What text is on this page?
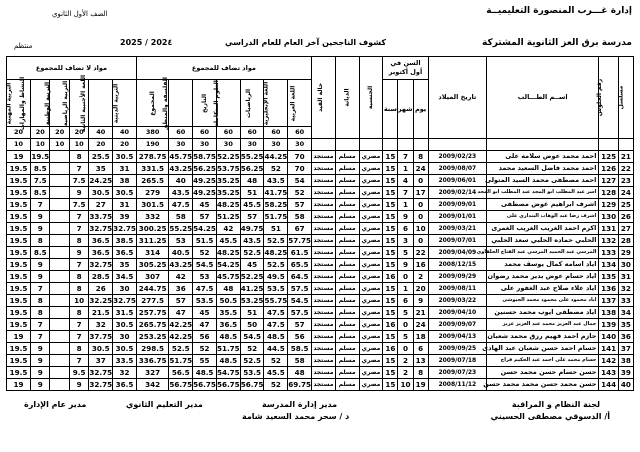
إدارة غـــرب المنصورة التعليميــة
مدرسة برق العز الثانوية المشتركة
الصف الأول الثانوي
منتظم	2025 / 202٤	كشوف الناجحين آخر العام للعام الدراسي
مسلسل	رقم الجلوس	اســم الطـــالب	تاريخ الميلاد	السن في أول أكتوبر			الجنسية	الديانة	حالة القيد	مواد تضاف للمجموع							مواد لا تضاف للمجموع					
				يوم	شهر	سنة				اللغة العربية	اللغة الإنجليزية	الرياضيات	العلوم المتكاملة	التاريخ	الفلسفة والمنطق	المجموع	التربية الدينية	اللغة الأجنبية الثانية	التربية الرياضية	التربية الوطنية	النشاط والمهارات	التربية المهنية
										60	60	60	60	60	60	380	40	40	20	20	20	20
										30	30	30	30	30	30	190	20	20	10	10	10	10
21	125	احمد محمد عوض سلامه على	2009/02/23	8	7	15	مصري	مسلم	مستجد	70	44.25	55.25	52.25	58.75	45.75	278.75	30.5	25.5	8		19.5	19
22	126	احمد محمد فاضل السعيد محمد	2009/08/07	24	1	15	مصري	مسلم	مستجد	70	52	56.25	53.75	56.25	43.25	331.5	31	35	7		8.5	19.5
23	127	احمد مصطفى محمد السيد المتولى	2009/06/01	0	4	15	مصري	مسلم	مستجد	54	43.5	48	35.25	49.25	40	265.5	38	24.25	7.5		7.5	19.5
24	128	اسر عبد المطلب ابو المجد عبد المطلب ابو المجد	2009/02/14	17	7	15	مصري	مسلم	مستجد	52	41.75	51	35.25	49.25	43.5	279	30.5	30.5	9		8.5	19.5
25	129	اشرف ابراهيم عوض مصطفى	2009/09/01	0	1	15	مصري	مسلم	مستجد	57	58.25	45.5	48.25	45	47.5	301.5	31	27	7.5		7	19.5
26	130	اشرف رضا عبد الوهاب البنداري على	2009/01/01	0	9	15	مصري	مسلم	مستجد	58	51.75	57	51.25	57	58	332	39	33.75	7		9	19.5
27	131	اكرم احمد الغريب الغريب الغمرى	2009/03/21	10	6	15	مصري	مسلم	مستجد	67	51	49.75	42	54.25	55.25	300.25	32.75	32.75	7		9	19.5
28	132	الحلبي حماده الحلبي سعد الحلبي	2009/07/01	0	3	15	مصري	مسلم	مستجد	57.75	52.5	43.5	45.5	51.5	53	311.25	38.5	36.5	8		8	19.5
29	133	المرسي عبد الحميد المرسي عبد الفتاح الحلفاوي	2009/04/09	22	5	15	مصري	مسلم	مستجد	61.5	48.25	52.5	48.25	52	40.5	314	36.5	36.5	9		8.5	19.5
30	134	اياد اسامه كمال يوسف محمد	2008/12/15	16	9	15	مصري	مسلم	مستجد	65.5	52.5	45	54.25	54.5	43.25	305.25	35	32.75	7		9	19.5
31	135	اياد حسام عوض بدير محمد رضوان	2009/09/29	2	0	16	مصري	مسلم	مستجد	64.5	49.5	52.25	45.75	53	42	307	34.5	28.5	8		9	19.5
32	136	اياد علاء صلاح عبد الغفور على	2009/08/11	20	1	15	مصري	مسلم	مستجد	57.5	53.5	41.25	48	47.5	36	244.75	30	26	8		7	19.5
33	137	اياد محمود على محمود محمد الجيوشى	2009/03/22	9	6	15	مصري	مسلم	مستجد	54.5	55.75	53.25	50.5	53.5	57	277.5	32.75	32.25	10		8	19.5
34	138	اياد مصطفى ايوب محمد حسنين	2009/04/10	21	5	15	مصري	مسلم	مستجد	57.5	47.5	51	35.5	45	47	257.75	31.5	21.5	8		8	19.5
35	139	جمال عبد العزيز محمد عبد العزيز عزيز	2009/09/07	24	0	16	مصري	مسلم	مستجد	57	47.5	50	36.5	47	42.25	265.75	30.5	32	7		7	19.5
36	140	حازم احمد فهيم رزق محمد شعبان	2009/04/13	18	5	15	مصري	مسلم	مستجد	56	48.5	54.5	48.5	56	42.25	253.25	30	37.75	7		7	19
37	141	حسام احمد حسن شعبان عبد الهادى	2009/09/25	6	0	16	مصري	مسلم	مستجد	58.5	44.5	52	51.75	52	52.5	298.5	30.5	30.5	8		9	19.5
38	142	حسام محمد على احمد عبد الحكيم فراج	2009/07/18	13	2	15	مصري	مسلم	مستجد	58	52	52.5	48.5	55	51.75	336.75	33.5	37	7		9	19.5
39	143	حسن حسام حسن محمد حسن	2009/07/23	8	2	15	مصري	مسلم	مستجد	48	45.5	53.5	54.75	48.5	56.5	327	32	32.75	9.5		9	19.5
40	144	حسن محمد حسن محمد محمد حسن	2008/11/12	19	10	15	مصري	مسلم	مستجد	69.75	52	56.75	56.75	56.75	56.75	342	36.5	32.75	9		9	19
لجنة النظام و المراقبة
أ/ الدسوقي مصطفى الحسيني
مدير إدارة المدرسة
د / سحر محمد السعيد شامة
مدير التعليم الثانوي
مدير عام الإدارة
